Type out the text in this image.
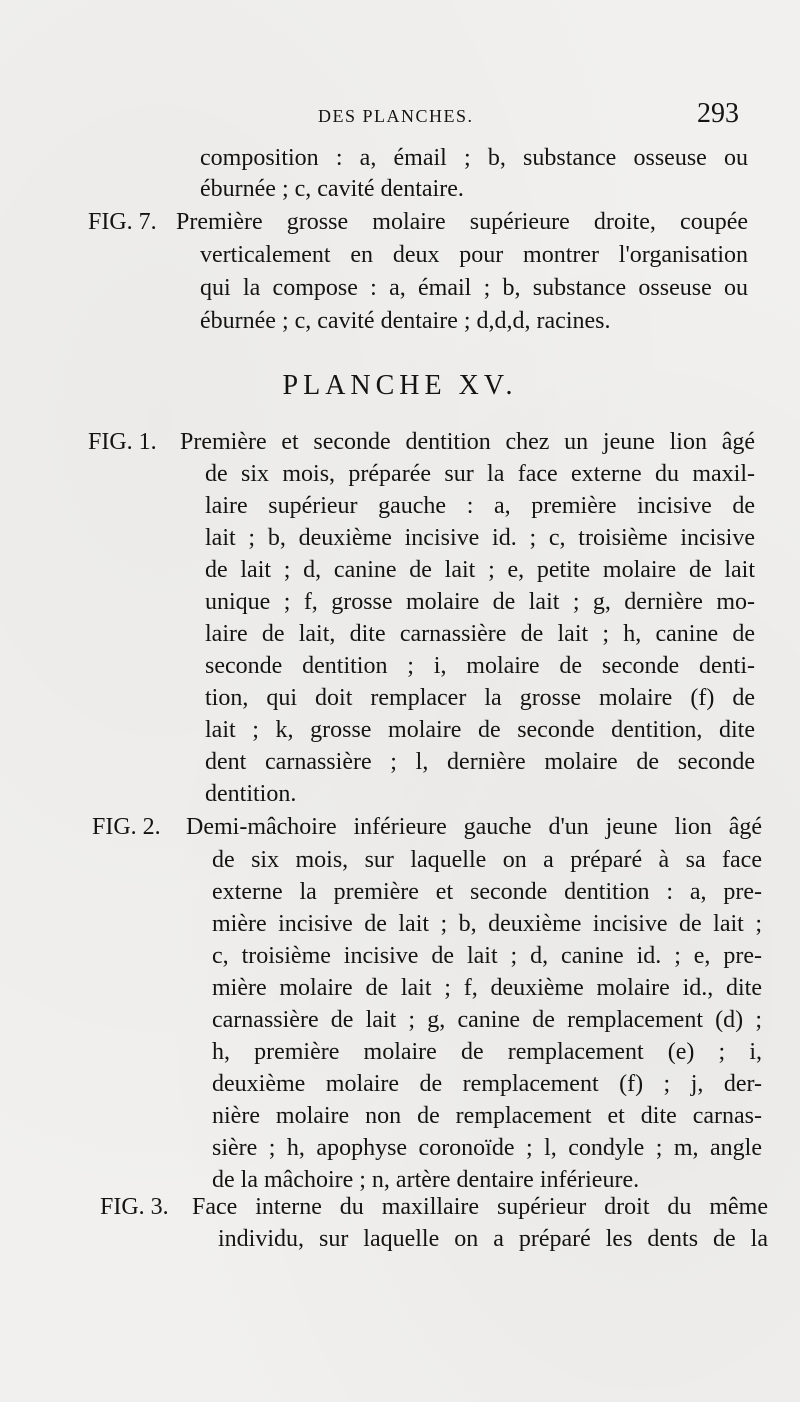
DES PLANCHES.	293
composition : a, émail ; b, substance osseuse ou
éburnée ; c, cavité dentaire.
FIG. 7. Première grosse molaire supérieure droite, coupée
verticalement en deux pour montrer l'organisation
qui la compose : a, émail ; b, substance osseuse ou
éburnée ; c, cavité dentaire ; d,d,d, racines.
PLANCHE XV.
FIG. 1. Première et seconde dentition chez un jeune lion âgé
de six mois, préparée sur la face externe du maxil-
laire supérieur gauche : a, première incisive de
lait ; b, deuxième incisive id. ; c, troisième incisive
de lait ; d, canine de lait ; e, petite molaire de lait
unique ; f, grosse molaire de lait ; g, dernière mo-
laire de lait, dite carnassière de lait ; h, canine de
seconde dentition ; i, molaire de seconde denti-
tion, qui doit remplacer la grosse molaire (f) de
lait ; k, grosse molaire de seconde dentition, dite
dent carnassière ; l, dernière molaire de seconde
dentition.
FIG. 2. Demi-mâchoire inférieure gauche d'un jeune lion âgé
de six mois, sur laquelle on a préparé à sa face
externe la première et seconde dentition : a, pre-
mière incisive de lait ; b, deuxième incisive de lait ;
c, troisième incisive de lait ; d, canine id. ; e, pre-
mière molaire de lait ; f, deuxième molaire id., dite
carnassière de lait ; g, canine de remplacement (d) ;
h, première molaire de remplacement (e) ; i,
deuxième molaire de remplacement (f) ; j, der-
nière molaire non de remplacement et dite carnas-
sière ; h, apophyse coronoïde ; l, condyle ; m, angle
de la mâchoire ; n, artère dentaire inférieure.
FIG. 3. Face interne du maxillaire supérieur droit du même
individu, sur laquelle on a préparé les dents de la
